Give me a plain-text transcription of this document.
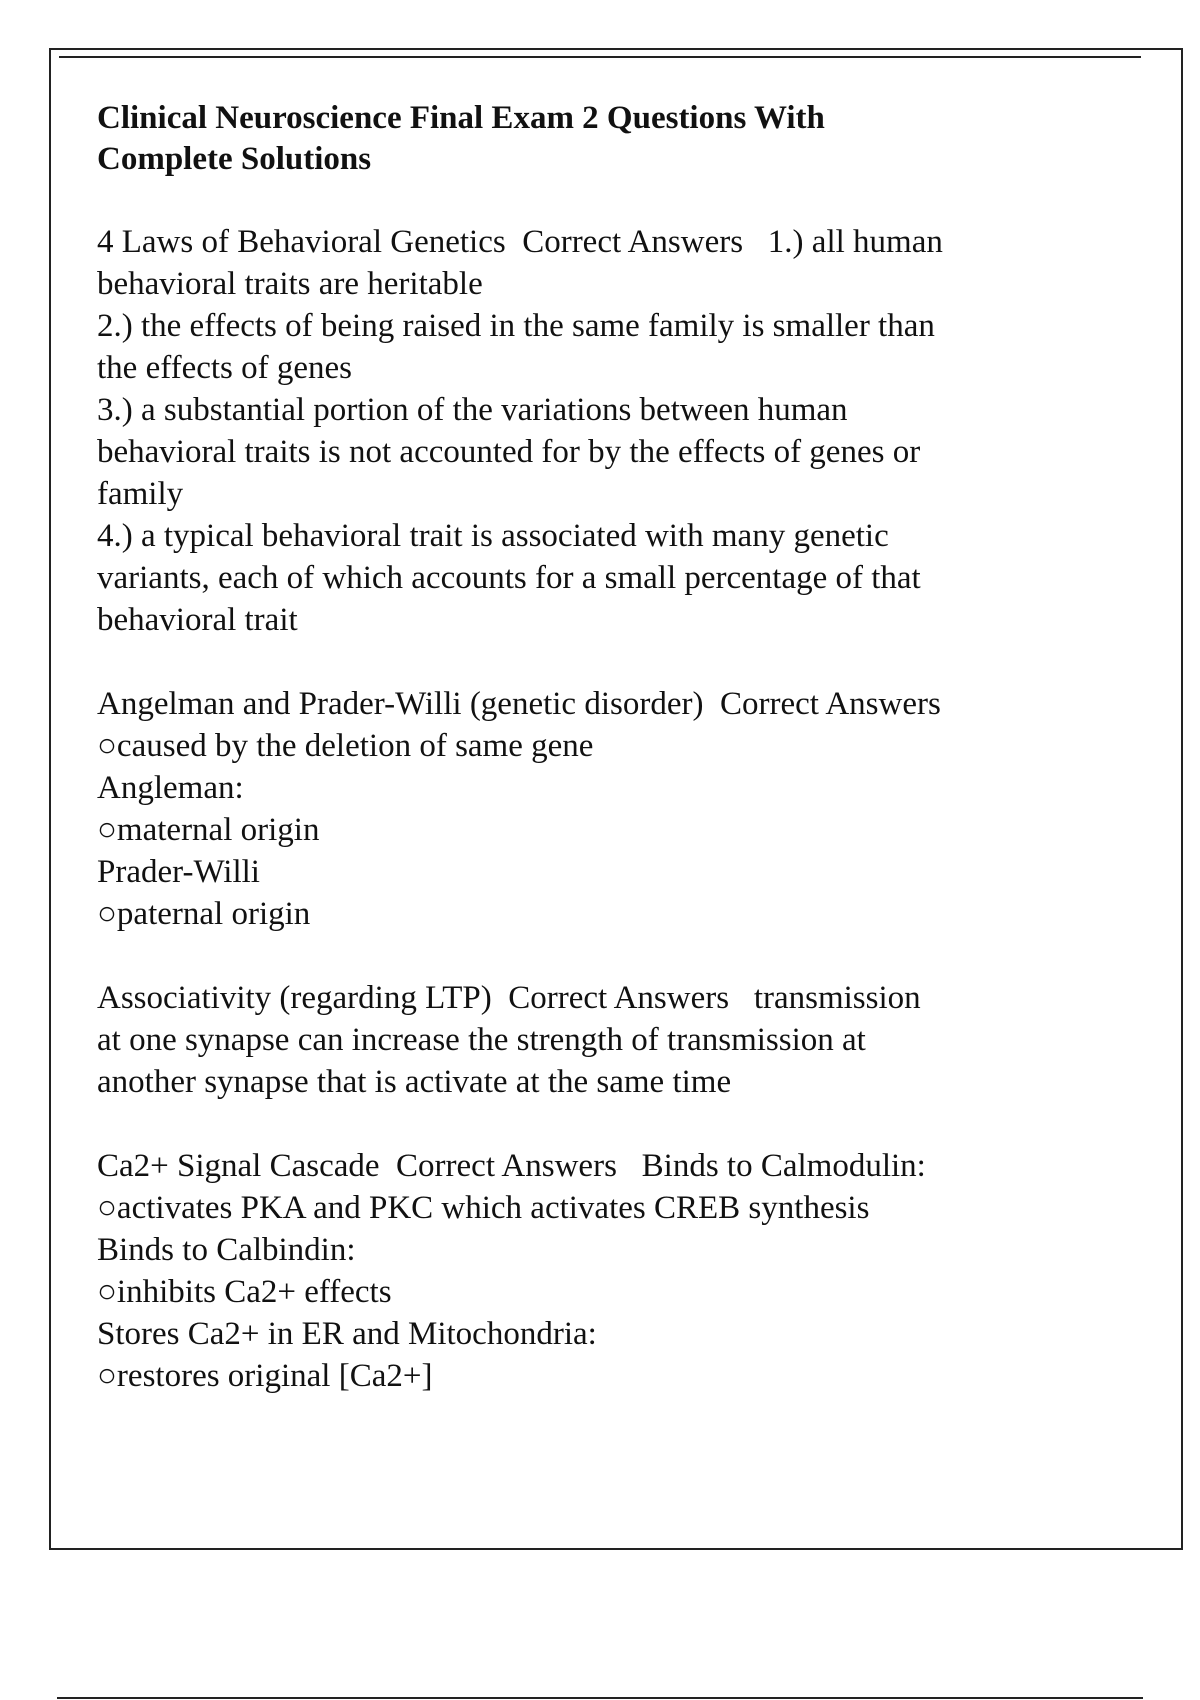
Clinical Neuroscience Final Exam 2 Questions With
Complete Solutions
4 Laws of Behavioral Genetics  Correct Answers   1.) all human
behavioral traits are heritable
2.) the effects of being raised in the same family is smaller than
the effects of genes
3.) a substantial portion of the variations between human
behavioral traits is not accounted for by the effects of genes or
family
4.) a typical behavioral trait is associated with many genetic
variants, each of which accounts for a small percentage of that
behavioral trait
Angelman and Prader-Willi (genetic disorder)  Correct Answers
○caused by the deletion of same gene
Angleman:
○maternal origin
Prader-Willi
○paternal origin
Associativity (regarding LTP)  Correct Answers   transmission
at one synapse can increase the strength of transmission at
another synapse that is activate at the same time
Ca2+ Signal Cascade  Correct Answers   Binds to Calmodulin:
○activates PKA and PKC which activates CREB synthesis
Binds to Calbindin:
○inhibits Ca2+ effects
Stores Ca2+ in ER and Mitochondria:
○restores original [Ca2+]
